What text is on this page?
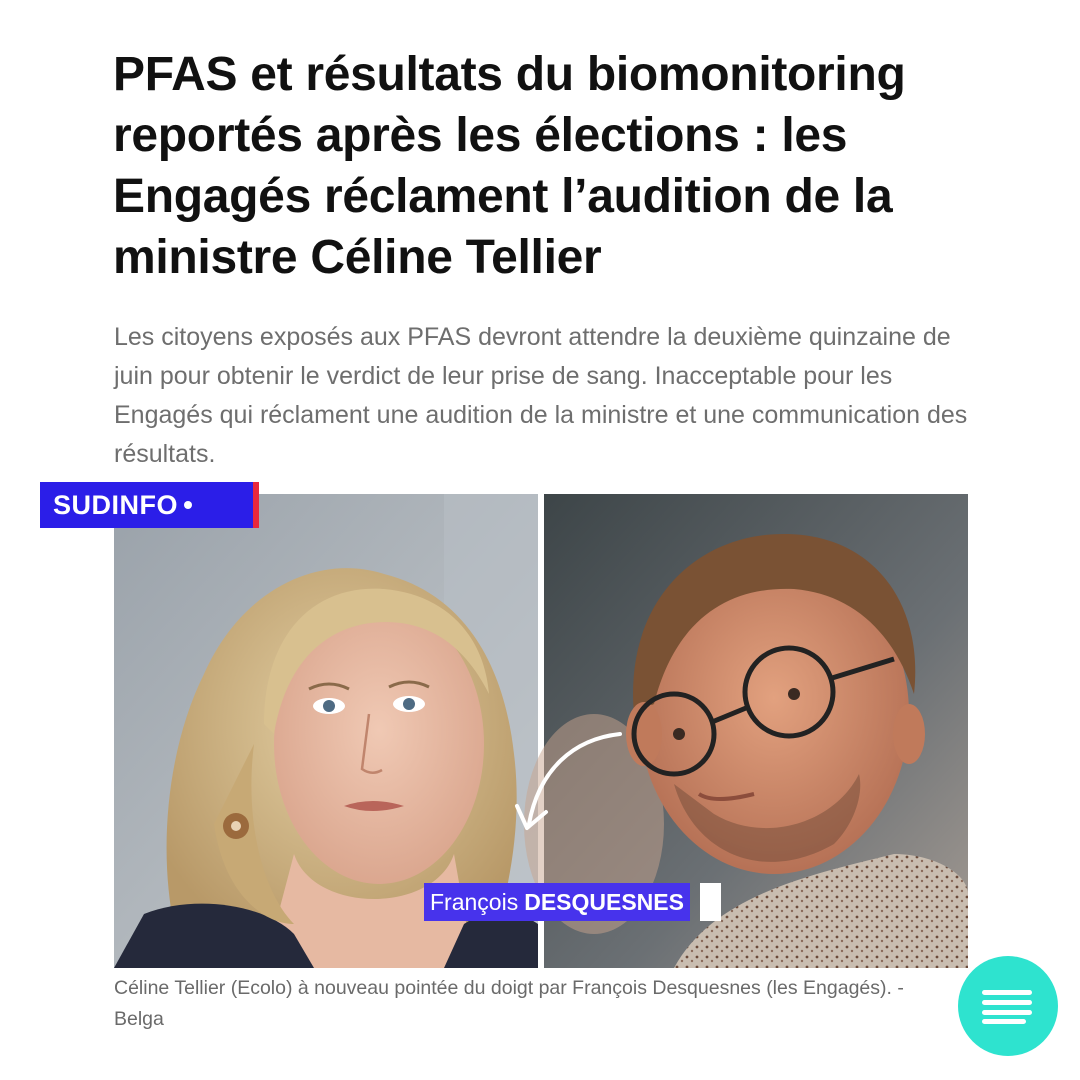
PFAS et résultats du biomonitoring reportés après les élections : les Engagés réclament l’audition de la ministre Céline Tellier

Les citoyens exposés aux PFAS devront attendre la deuxième quinzaine de juin pour obtenir le verdict de leur prise de sang. Inacceptable pour les Engagés qui réclament une audition de la ministre et une communication des résultats.

SUDINFO
François DESQUESNES

Céline Tellier (Ecolo) à nouveau pointée du doigt par François Desquesnes (les Engagés). - Belga
